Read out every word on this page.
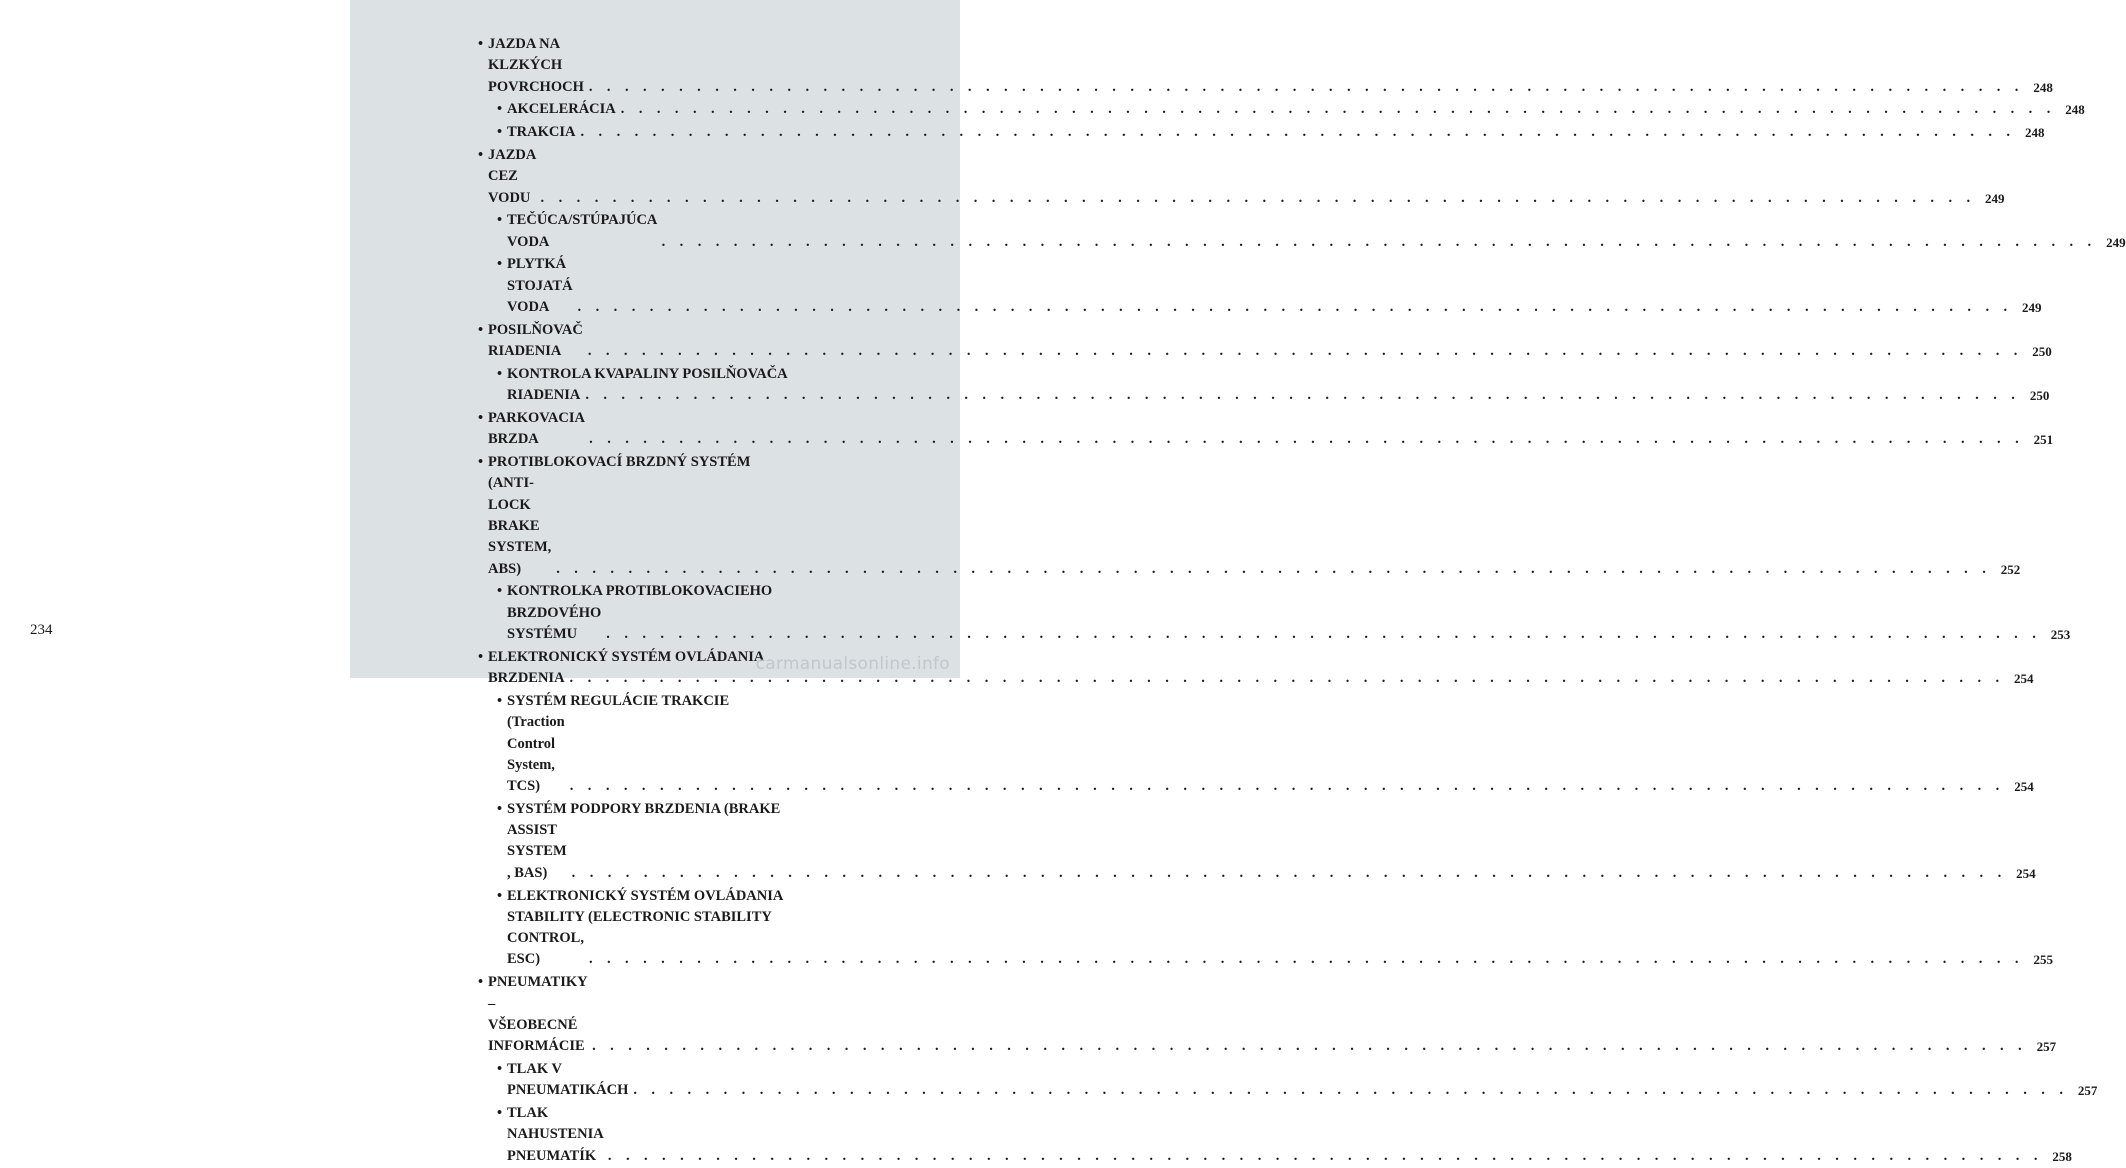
234
• JAZDA NA KLZKÝCH POVRCHOCH . . . . . . . . . . . . . . . . . . . . . . . . . . . . . . . . . . . . . . . . . . . . . . . . . . . . . . . . . . . . . . . . . . . . . . . . . . . . . . . . 248
• AKCELERÁCIA . . . . . . . . . . . . . . . . . . . . . . . . . . . . . . . . . . . . . . . . . . . . . . . . . . . . . . . . . . . . . . . . . . . . . . . . . . . . . . . . 248
• TRAKCIA . . . . . . . . . . . . . . . . . . . . . . . . . . . . . . . . . . . . . . . . . . . . . . . . . . . . . . . . . . . . . . . . . . . . . . . . . . . . . . . . 248
• JAZDA CEZ VODU . . . . . . . . . . . . . . . . . . . . . . . . . . . . . . . . . . . . . . . . . . . . . . . . . . . . . . . . . . . . . . . . . . . . . . . . . . . . . . . . 249
• TEČÚCA/STÚPAJÚCA VODA	. . . . . . . . . . . . . . . . . . . . . . . . . . . . . . . . . . . . . . . . . . . . . . . . . . . . . . . . . . . . . . . . . . . . . . . . . . . . . . . . 249
• PLYTKÁ STOJATÁ VODA	. . . . . . . . . . . . . . . . . . . . . . . . . . . . . . . . . . . . . . . . . . . . . . . . . . . . . . . . . . . . . . . . . . . . . . . . . . . . . . . . 249
• POSILŇOVAČ RIADENIA	. . . . . . . . . . . . . . . . . . . . . . . . . . . . . . . . . . . . . . . . . . . . . . . . . . . . . . . . . . . . . . . . . . . . . . . . . . . . . . . . 250
• KONTROLA KVAPALINY POSILŇOVAČA
RIADENIA . . . . . . . . . . . . . . . . . . . . . . . . . . . . . . . . . . . . . . . . . . . . . . . . . . . . . . . . . . . . . . . . . . . . . . . . . . . . . . . . 250
• PARKOVACIA BRZDA	. . . . . . . . . . . . . . . . . . . . . . . . . . . . . . . . . . . . . . . . . . . . . . . . . . . . . . . . . . . . . . . . . . . . . . . . . . . . . . . . 251
• PROTIBLOKOVACÍ BRZDNÝ SYSTÉM
(ANTI-LOCK BRAKE SYSTEM, ABS)	. . . . . . . . . . . . . . . . . . . . . . . . . . . . . . . . . . . . . . . . . . . . . . . . . . . . . . . . . . . . . . . . . . . . . . . . . . . . . . . . 252
• KONTROLKA PROTIBLOKOVACIEHO
BRZDOVÉHO SYSTÉMU	. . . . . . . . . . . . . . . . . . . . . . . . . . . . . . . . . . . . . . . . . . . . . . . . . . . . . . . . . . . . . . . . . . . . . . . . . . . . . . . . 253
• ELEKTRONICKÝ SYSTÉM OVLÁDANIA
BRZDENIA . . . . . . . . . . . . . . . . . . . . . . . . . . . . . . . . . . . . . . . . . . . . . . . . . . . . . . . . . . . . . . . . . . . . . . . . . . . . . . . . 254
• SYSTÉM REGULÁCIE TRAKCIE
(Traction Control System, TCS)	. . . . . . . . . . . . . . . . . . . . . . . . . . . . . . . . . . . . . . . . . . . . . . . . . . . . . . . . . . . . . . . . . . . . . . . . . . . . . . . . 254
• SYSTÉM PODPORY BRZDENIA (BRAKE
ASSIST SYSTEM , BAS)	. . . . . . . . . . . . . . . . . . . . . . . . . . . . . . . . . . . . . . . . . . . . . . . . . . . . . . . . . . . . . . . . . . . . . . . . . . . . . . . . 254
• ELEKTRONICKÝ SYSTÉM OVLÁDANIA
STABILITY (ELECTRONIC STABILITY
CONTROL, ESC)	. . . . . . . . . . . . . . . . . . . . . . . . . . . . . . . . . . . . . . . . . . . . . . . . . . . . . . . . . . . . . . . . . . . . . . . . . . . . . . . . 255
• PNEUMATIKY – VŠEOBECNÉ INFORMÁCIE . . . . . . . . . . . . . . . . . . . . . . . . . . . . . . . . . . . . . . . . . . . . . . . . . . . . . . . . . . . . . . . . . . . . . . . . . . . . . . . . 257
• TLAK V PNEUMATIKÁCH . . . . . . . . . . . . . . . . . . . . . . . . . . . . . . . . . . . . . . . . . . . . . . . . . . . . . . . . . . . . . . . . . . . . . . . . . . . . . . . . 257
• TLAK NAHUSTENIA PNEUMATÍK . . . . . . . . . . . . . . . . . . . . . . . . . . . . . . . . . . . . . . . . . . . . . . . . . . . . . . . . . . . . . . . . . . . . . . . . . . . . . . . . 258
carmanualsonline.info
